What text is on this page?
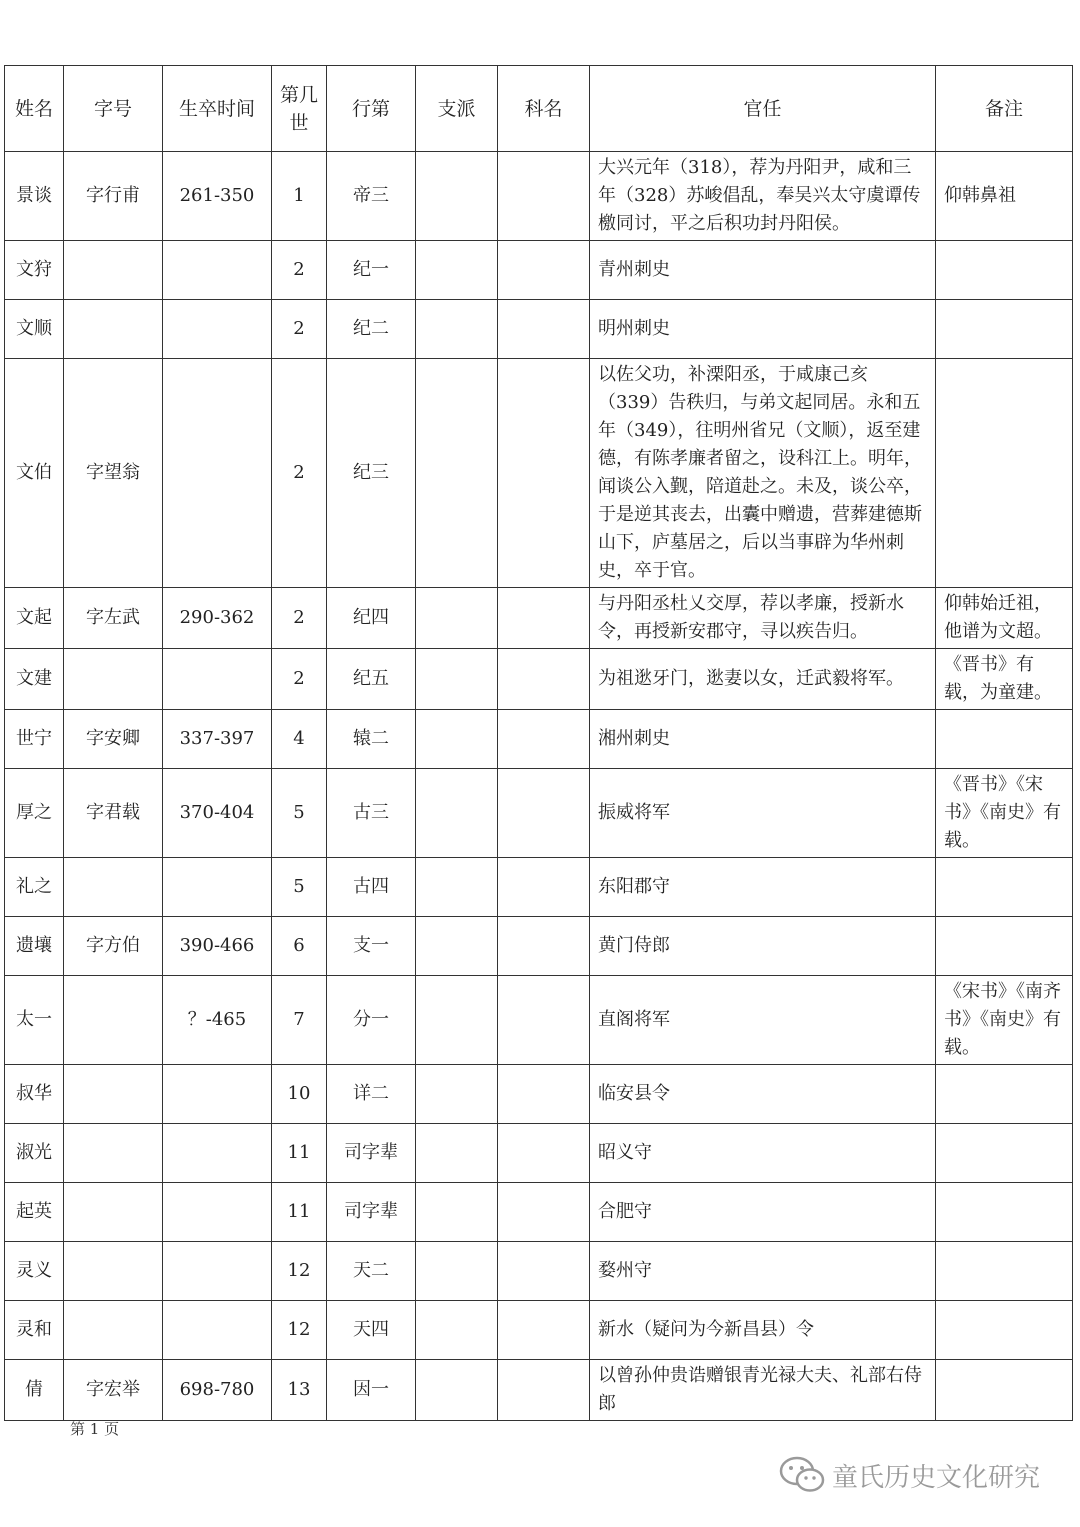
姓名	字号	生卒时间	第几世	行第	支派	科名	官任	备注
景谈	字行甫	261-350	1	帝三			大兴元年（318），荐为丹阳尹，咸和三年（328）苏峻倡乱，奉吴兴太守虞谭传檄同讨，平之后积功封丹阳侯。	仰韩鼻祖
文狩			2	纪一			青州刺史	
文顺			2	纪二			明州刺史	
文伯	字望翁		2	纪三			以佐父功，补溧阳丞，于咸康己亥（339）告秩归，与弟文起同居。永和五年（349），往明州省兄（文顺），返至建德，有陈孝廉者留之，设科江上。明年，闻谈公入觐，陪道赴之。未及，谈公卒，于是逆其丧去，出囊中赠遗，营葬建德斯山下，庐墓居之，后以当事辟为华州刺史，卒于官。	
文起	字左武	290-362	2	纪四			与丹阳丞杜乂交厚，荐以孝廉，授新水令，再授新安郡守，寻以疾告归。	仰韩始迁祖，他谱为文超。
文建			2	纪五			为祖逖牙门，逖妻以女，迁武毅将军。	《晋书》有载，为童建。
世宁	字安卿	337-397	4	辕二			湘州刺史	
厚之	字君载	370-404	5	古三			振威将军	《晋书》《宋书》《南史》有载。
礼之			5	古四			东阳郡守	
遗壤	字方伯	390-466	6	支一			黄门侍郎	
太一		？-465	7	分一			直阁将军	《宋书》《南齐书》《南史》有载。
叔华			10	详二			临安县令	
淑光			11	司字辈			昭义守	
起英			11	司字辈			合肥守	
灵义			12	天二			婺州守	
灵和			12	天四			新水（疑问为今新昌县）令	
倩	字宏举	698-780	13	因一			以曾孙仲贵诰赠银青光禄大夫、礼部右侍郎	
第 1 页
童氏历史文化研究
